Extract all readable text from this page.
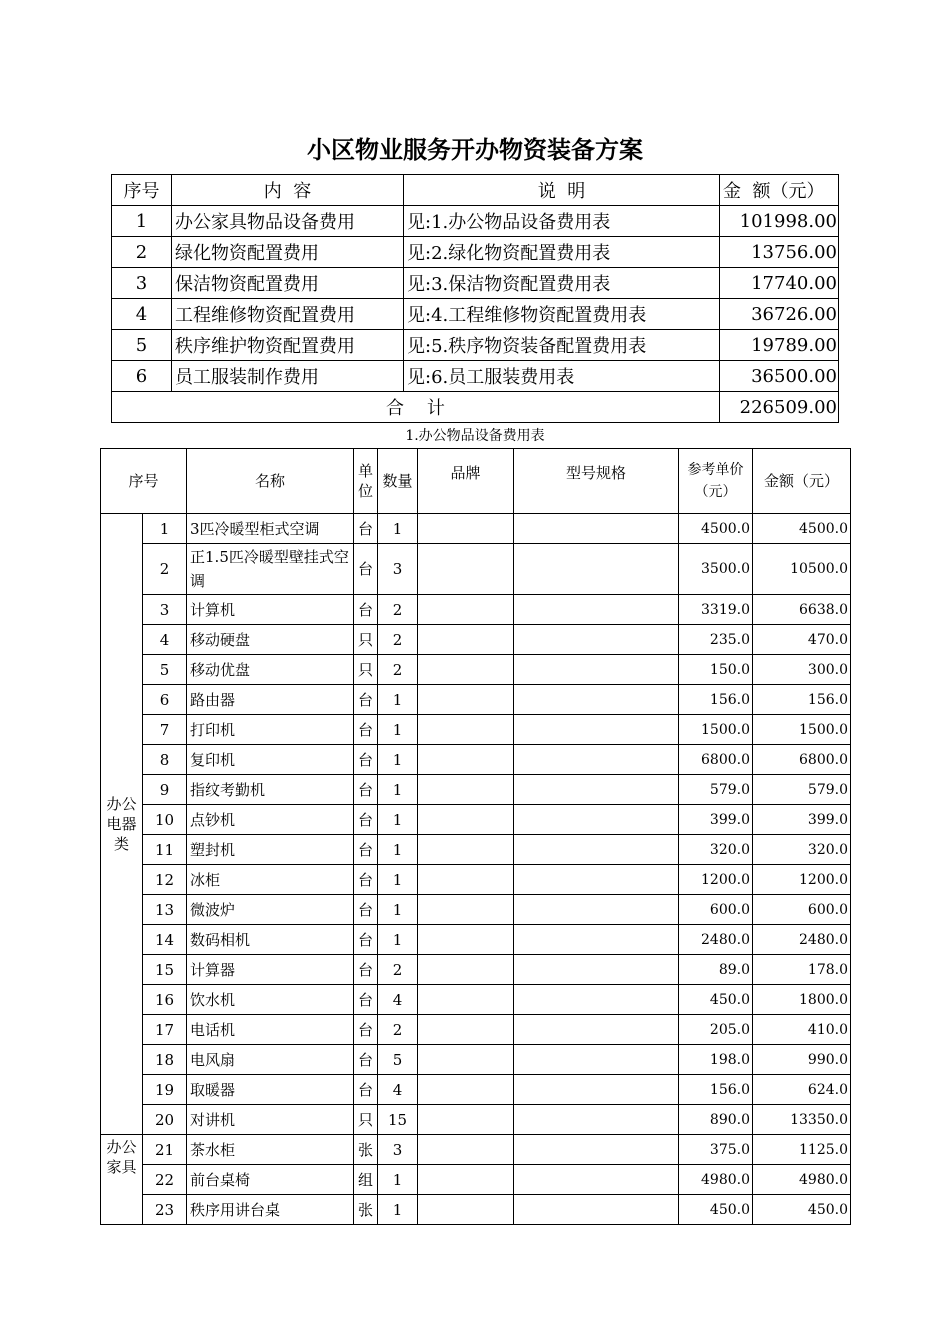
小区物业服务开办物资装备方案
序号	内  容	说  明	金  额（元）
1	办公家具物品设备费用	见:1.办公物品设备费用表	101998.00
2	绿化物资配置费用	见:2.绿化物资配置费用表	13756.00
3	保洁物资配置费用	见:3.保洁物资配置费用表	17740.00
4	工程维修物资配置费用	见:4.工程维修物资配置费用表	36726.00
5	秩序维护物资配置费用	见:5.秩序物资装备配置费用表	19789.00
6	员工服装制作费用	见:6.员工服装费用表	36500.00
合    计			226509.00
1.办公物品设备费用表
序号		名称	单位	数量	品牌	型号规格	参考单价（元）	金额（元）
办公电器类	1	3匹冷暖型柜式空调	台	1			4500.0	4500.0
	2	正1.5匹冷暖型壁挂式空调	台	3			3500.0	10500.0
	3	计算机	台	2			3319.0	6638.0
	4	移动硬盘	只	2			235.0	470.0
	5	移动优盘	只	2			150.0	300.0
	6	路由器	台	1			156.0	156.0
	7	打印机	台	1			1500.0	1500.0
	8	复印机	台	1			6800.0	6800.0
	9	指纹考勤机	台	1			579.0	579.0
	10	点钞机	台	1			399.0	399.0
	11	塑封机	台	1			320.0	320.0
	12	冰柜	台	1			1200.0	1200.0
	13	微波炉	台	1			600.0	600.0
	14	数码相机	台	1			2480.0	2480.0
	15	计算器	台	2			89.0	178.0
	16	饮水机	台	4			450.0	1800.0
	17	电话机	台	2			205.0	410.0
	18	电风扇	台	5			198.0	990.0
	19	取暖器	台	4			156.0	624.0
	20	对讲机	只	15			890.0	13350.0
办公家具	21	茶水柜	张	3			375.0	1125.0
	22	前台桌椅	组	1			4980.0	4980.0
	23	秩序用讲台桌	张	1			450.0	450.0
